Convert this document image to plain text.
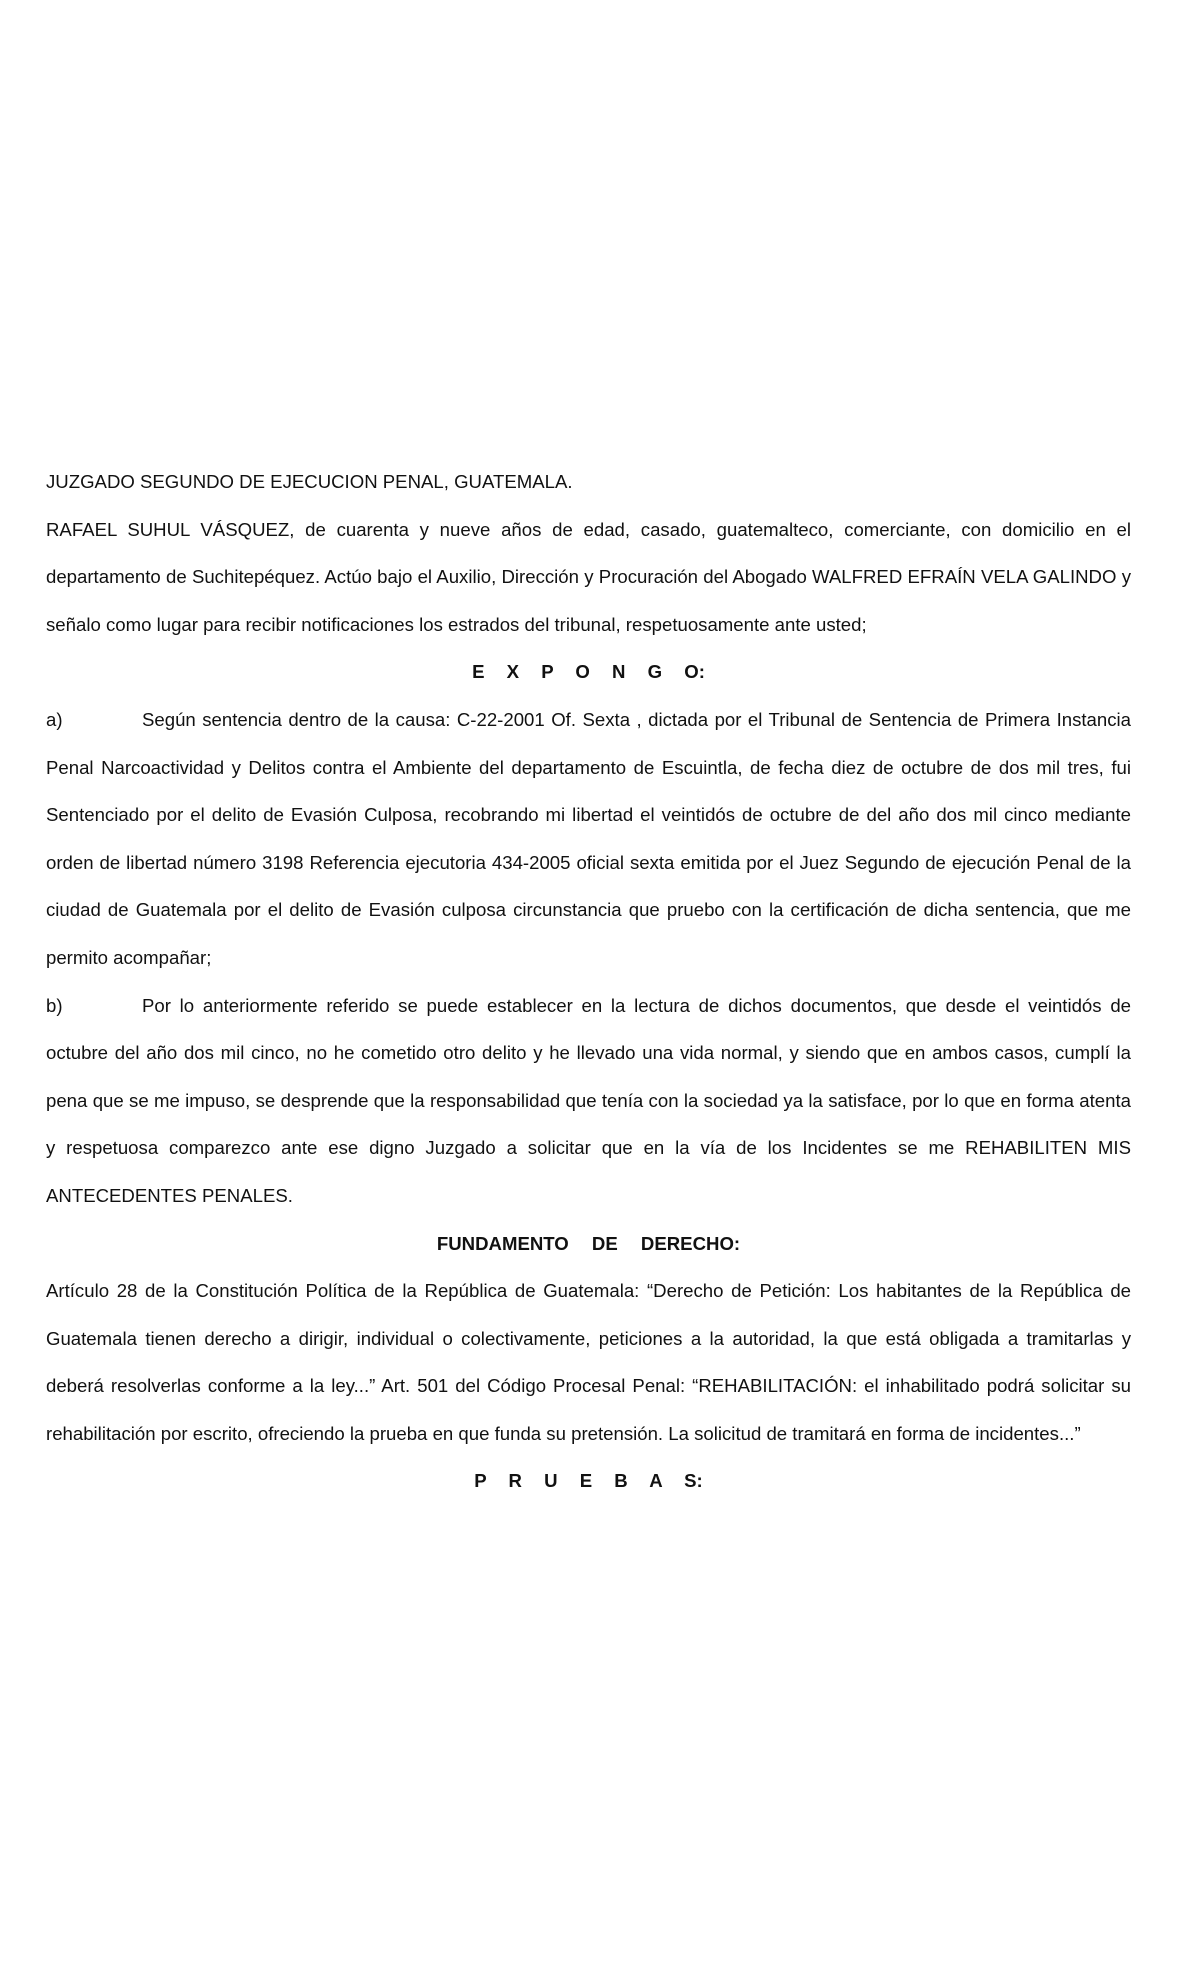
JUZGADO SEGUNDO DE EJECUCION PENAL, GUATEMALA.

RAFAEL SUHUL VÁSQUEZ, de cuarenta y nueve años de edad, casado, guatemalteco, comerciante, con domicilio en el departamento de Suchitepéquez. Actúo bajo el Auxilio, Dirección y Procuración del Abogado WALFRED EFRAÍN VELA GALINDO y señalo como lugar para recibir notificaciones los estrados del tribunal, respetuosamente ante usted;

E X P O N G O:

a)	Según sentencia dentro de la causa: C-22-2001 Of. Sexta , dictada por el Tribunal de Sentencia de Primera Instancia Penal Narcoactividad y Delitos contra el Ambiente del departamento de Escuintla, de fecha diez de octubre de dos mil tres, fui Sentenciado por el delito de Evasión Culposa, recobrando mi libertad el veintidós de octubre de del año dos mil cinco mediante orden de libertad número 3198 Referencia ejecutoria 434-2005 oficial sexta emitida por el Juez Segundo de ejecución Penal de la ciudad de Guatemala por el delito de Evasión culposa circunstancia que pruebo con la certificación de dicha sentencia, que me permito acompañar;

b)	Por lo anteriormente referido se puede establecer en la lectura de dichos documentos, que desde el veintidós de octubre del año dos mil cinco, no he cometido otro delito y he llevado una vida normal, y siendo que en ambos casos, cumplí la pena que se me impuso, se desprende que la responsabilidad que tenía con la sociedad ya la satisface, por lo que en forma atenta y respetuosa comparezco ante ese digno Juzgado a solicitar que en la vía de los Incidentes se me REHABILITEN MIS ANTECEDENTES PENALES.

FUNDAMENTO DE DERECHO:

Artículo 28 de la Constitución Política de la República de Guatemala: “Derecho de Petición: Los habitantes de la República de Guatemala tienen derecho a dirigir, individual o colectivamente, peticiones a la autoridad, la que está obligada a tramitarlas y deberá resolverlas conforme a la ley...” Art. 501 del Código Procesal Penal: “REHABILITACIÓN: el inhabilitado podrá solicitar su rehabilitación por escrito, ofreciendo la prueba en que funda su pretensión. La solicitud de tramitará en forma de incidentes...”

P R U E B A S:
